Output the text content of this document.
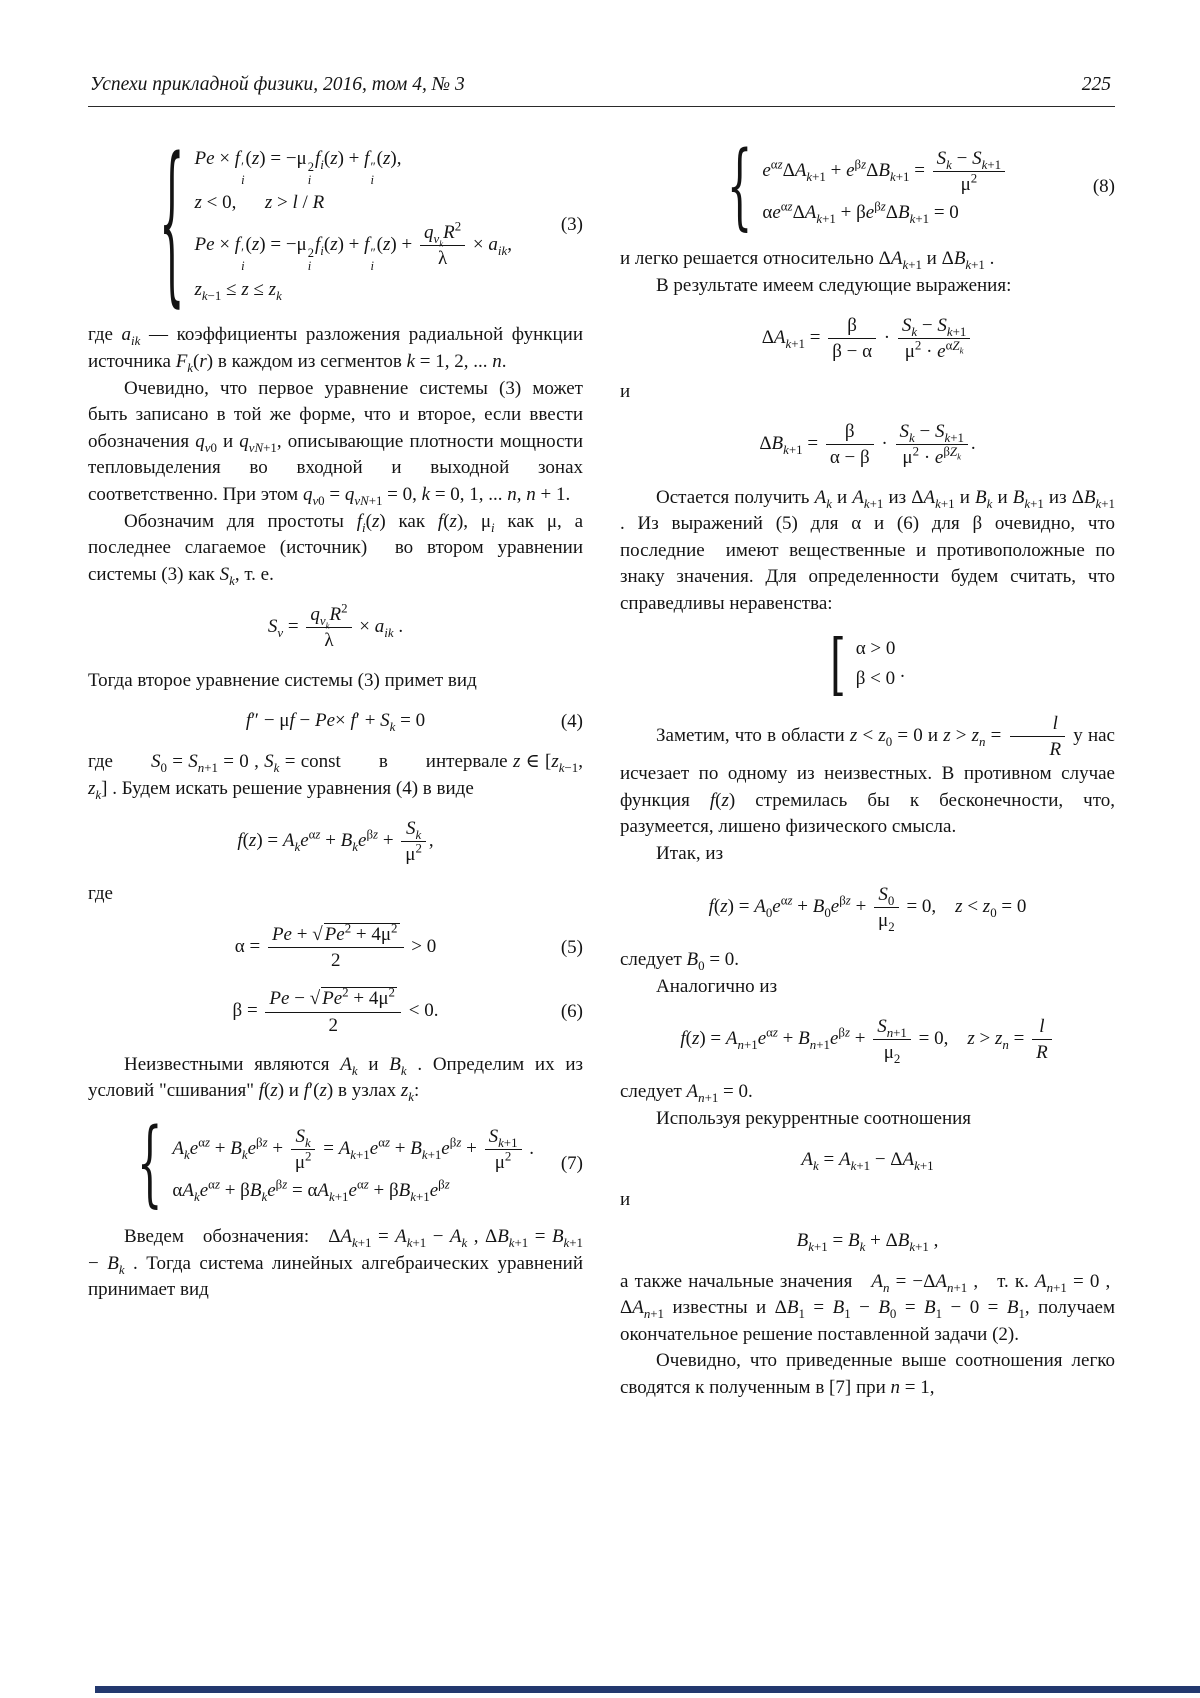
Успехи прикладной физики, 2016, том 4, № 3	225
{ Pe × f ′
i
(z) = −μ 2
i
$f_i(z) + f$ ″
i
(z),
z < 0,  z > l / R
Pe × f ′
i
(z) = −μ 2
i
$f_i(z) + f$ ″
i
(z) +
$q_{v_k}R^2$
λ
× $a_{ik}$,
$z_{k-1} \le z \le z_k$
(3)

где $a_{ik}$ — коэффициенты разложения радиальной функции источника $F_k(r)$ в каждом из сегментов k = 1, 2, ... n.

Очевидно, что первое уравнение системы (3) может быть записано в той же форме, что и второе, если ввести обозначения $q_{v0}$ и $q_{vN+1}$, описывающие плотности мощности тепловыделения во входной и выходной зонах соответственно. При этом $q_{v0} = q_{vN+1} = 0$, k = 0, 1, ... n, n + 1.

Обозначим для простоты $f_i(z)$ как f(z), $\mu_i$ как μ, а последнее слагаемое (источник)  во втором уравнении системы (3) как $S_k$, т. е.

$S_v$ =
$q_{v_k}R^2$
λ
× $a_{ik}$ .

Тогда второе уравнение системы (3) примет вид

$f'' - \mu f - Pe\times f' + S_k = 0$	(4)

где  $S_0 = S_{n+1} = 0$ , $S_k$ = const  в  интервале z ∈ [$z_{k-1}$, $z_k$] . Будем искать решение уравнения (4) в виде

$f(z) = A_ke^{\alpha z} + B_ke^{\beta z} + \frac{S_k}{\mu^2}$ ,

где

$\alpha = \frac{Pe + √ Pe^2 + 4\mu^2}{2} > 0$	(5)
$\beta = \frac{Pe - √ Pe^2 + 4\mu^2}{2} < 0$.	(6)

Неизвестными являются $A_k$ и $B_k$ . Определим их из условий "сшивания" f(z) и f′(z) в узлах $z_k$:

{ $A_ke^{\alpha z} + B_ke^{\beta z} + \frac{S_k}{\mu^2} = A_{k+1}e^{\alpha z} + B_{k+1}e^{\beta z} + \frac{S_{k+1}}{\mu^2}$ .
$\alpha A_ke^{\alpha z} + \beta B_ke^{\beta z} = \alpha A_{k+1}e^{\alpha z} + \beta B_{k+1}e^{\beta z}$
(7)

Введем обозначения: $\Delta A_{k+1} = A_{k+1} - A_k$ , $\Delta B_{k+1} = B_{k+1} - B_k$ . Тогда система линейных алгебраических уравнений принимает вид

{ $e^{\alpha z}\Delta A_{k+1} + e^{\beta z}\Delta B_{k+1} = \frac{S_k - S_{k+1}}{\mu^2}$
$\alpha e^{\alpha z}\Delta A_{k+1} + \beta e^{\beta z}\Delta B_{k+1} = 0$
(8)

и легко решается относительно $\Delta A_{k+1}$ и $\Delta B_{k+1}$ .

В результате имеем следующие выражения:

$\Delta A_{k+1} = \frac{\beta}{\beta - \alpha}$ ·
$S_k - S_{k+1}$
$\mu^2 \cdot e^{\alpha Z_k}$

и

$\Delta B_{k+1} = \frac{\beta}{\alpha - \beta}$ ·
$S_k - S_{k+1}$
$\mu^2 \cdot e^{\beta Z_k}$
.

Остается получить $A_k$ и $A_{k+1}$ из $\Delta A_{k+1}$ и $B_k$ и $B_{k+1}$ из $\Delta B_{k+1}$ . Из выражений (5) для α и (6) для β очевидно, что последние  имеют вещественные и противоположные по знаку значения. Для определенности будем считать, что справедливы неравенства:

[ α > 0
β < 0  .

Заметим, что в области $z < z_0 = 0$ и $z > z_n = \frac{l}{R}$ у нас исчезает по одному из неизвестных. В противном случае функция f(z) стремилась бы к бесконечности, что, разумеется, лишено физического смысла.

Итак, из

$f(z) = A_0e^{\alpha z} + B_0e^{\beta z} + \frac{S_0}{\mu_2} = 0$, $z < z_0 = 0$

следует $B_0 = 0$.

Аналогично из

$f(z) = A_{n+1}e^{\alpha z} + B_{n+1}e^{\beta z} + \frac{S_{n+1}}{\mu_2} = 0$, $z > z_n = \frac{l}{R}$

следует $A_{n+1} = 0$.

Используя рекуррентные соотношения

$A_k = A_{k+1} - \Delta A_{k+1}$

и

$B_{k+1} = B_k + \Delta B_{k+1}$ ,

а также начальные значения $A_n = -\Delta A_{n+1}$ , т. к. $A_{n+1} = 0$ , $\Delta A_{n+1}$ известны и $\Delta B_1 = B_1 - B_0 = B_1 - 0 = B_1$, получаем окончательное решение поставленной задачи (2).

Очевидно, что приведенные выше соотношения легко сводятся к полученным в [7] при n = 1,
